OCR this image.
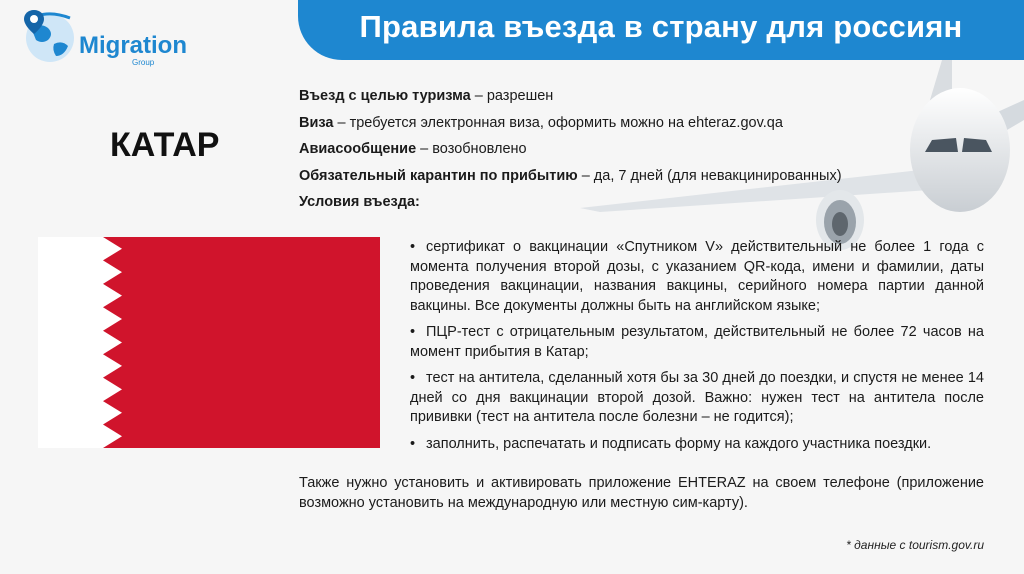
Migration
Group
Правила въезда в страну для россиян
КАТАР
Въезд с целью туризма – разрешен
Виза – требуется электронная виза, оформить можно на ehteraz.gov.qa
Авиасообщение – возобновлено
Обязательный карантин по прибытию – да, 7 дней (для невакцинированных)
Условия въезда:

• сертификат о вакцинации «Спутником V» действительный не более 1 года с момента получения второй дозы, с указанием QR-кода, имени и фамилии, даты проведения вакцинации, названия вакцины, серийного номера партии данной вакцины. Все документы должны быть на английском языке;

• ПЦР-тест с отрицательным результатом, действительный не более 72 часов на момент прибытия в Катар;

• тест на антитела, сделанный хотя бы за 30 дней до поездки, и спустя не менее 14 дней со дня вакцинации второй дозой. Важно: нужен тест на антитела после прививки (тест на антитела после болезни – не годится);

• заполнить, распечатать и подписать форму на каждого участника поездки.

Также нужно установить и активировать приложение EHTERAZ на своем телефоне (приложение возможно установить на международную или местную сим-карту).
* данные с tourism.gov.ru
